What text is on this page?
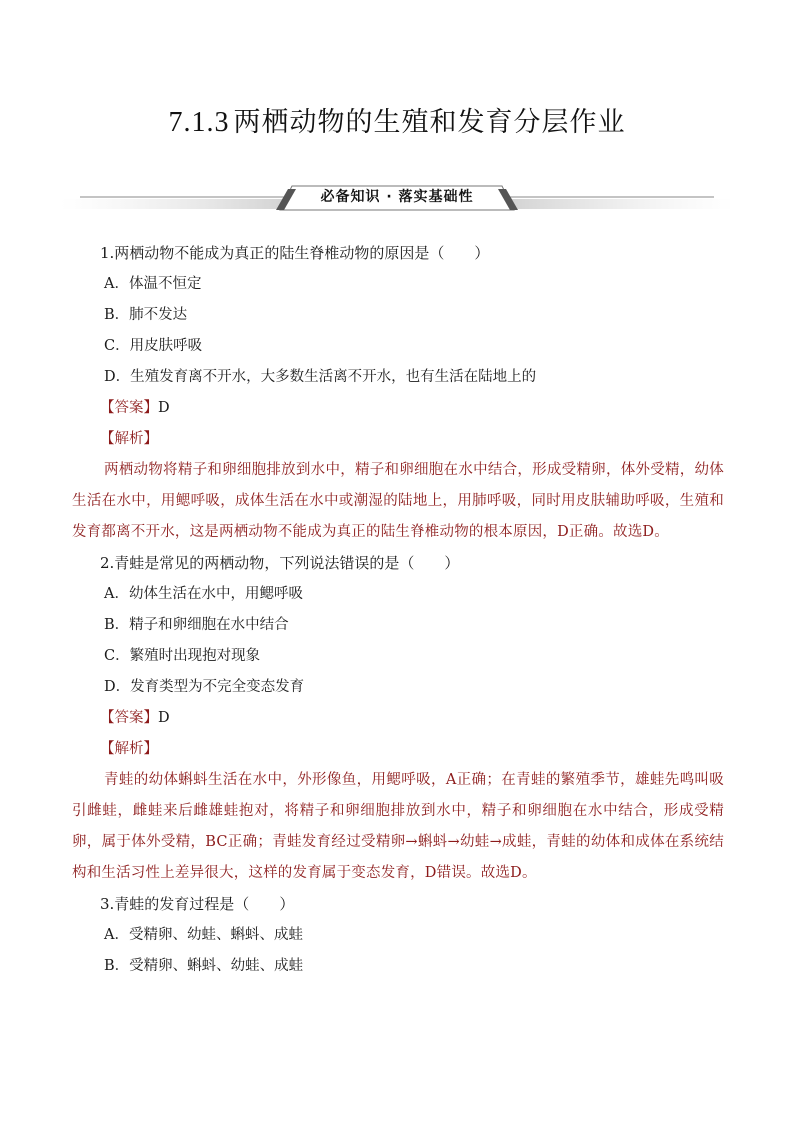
7.1.3 两栖动物的生殖和发育分层作业
必备知识 · 落实基础性
1.两栖动物不能成为真正的陆生脊椎动物的原因是（　　）
A．体温不恒定
B．肺不发达
C．用皮肤呼吸
D．生殖发育离不开水，大多数生活离不开水，也有生活在陆地上的
【答案】D
【解析】
两栖动物将精子和卵细胞排放到水中，精子和卵细胞在水中结合，形成受精卵，体外受精，幼体生活在水中，用鳃呼吸，成体生活在水中或潮湿的陆地上，用肺呼吸，同时用皮肤辅助呼吸，生殖和发育都离不开水，这是两栖动物不能成为真正的陆生脊椎动物的根本原因，D正确。故选D。
2.青蛙是常见的两栖动物，下列说法错误的是（　　）
A．幼体生活在水中，用鳃呼吸
B．精子和卵细胞在水中结合
C．繁殖时出现抱对现象
D．发育类型为不完全变态发育
【答案】D
【解析】
青蛙的幼体蝌蚪生活在水中，外形像鱼，用鳃呼吸，A正确；在青蛙的繁殖季节，雄蛙先鸣叫吸引雌蛙，雌蛙来后雌雄蛙抱对，将精子和卵细胞排放到水中，精子和卵细胞在水中结合，形成受精卵，属于体外受精，BC正确；青蛙发育经过受精卵→蝌蚪→幼蛙→成蛙，青蛙的幼体和成体在系统结构和生活习性上差异很大，这样的发育属于变态发育，D错误。故选D。
3.青蛙的发育过程是（　　）
A．受精卵、幼蛙、蝌蚪、成蛙
B．受精卵、蝌蚪、幼蛙、成蛙
